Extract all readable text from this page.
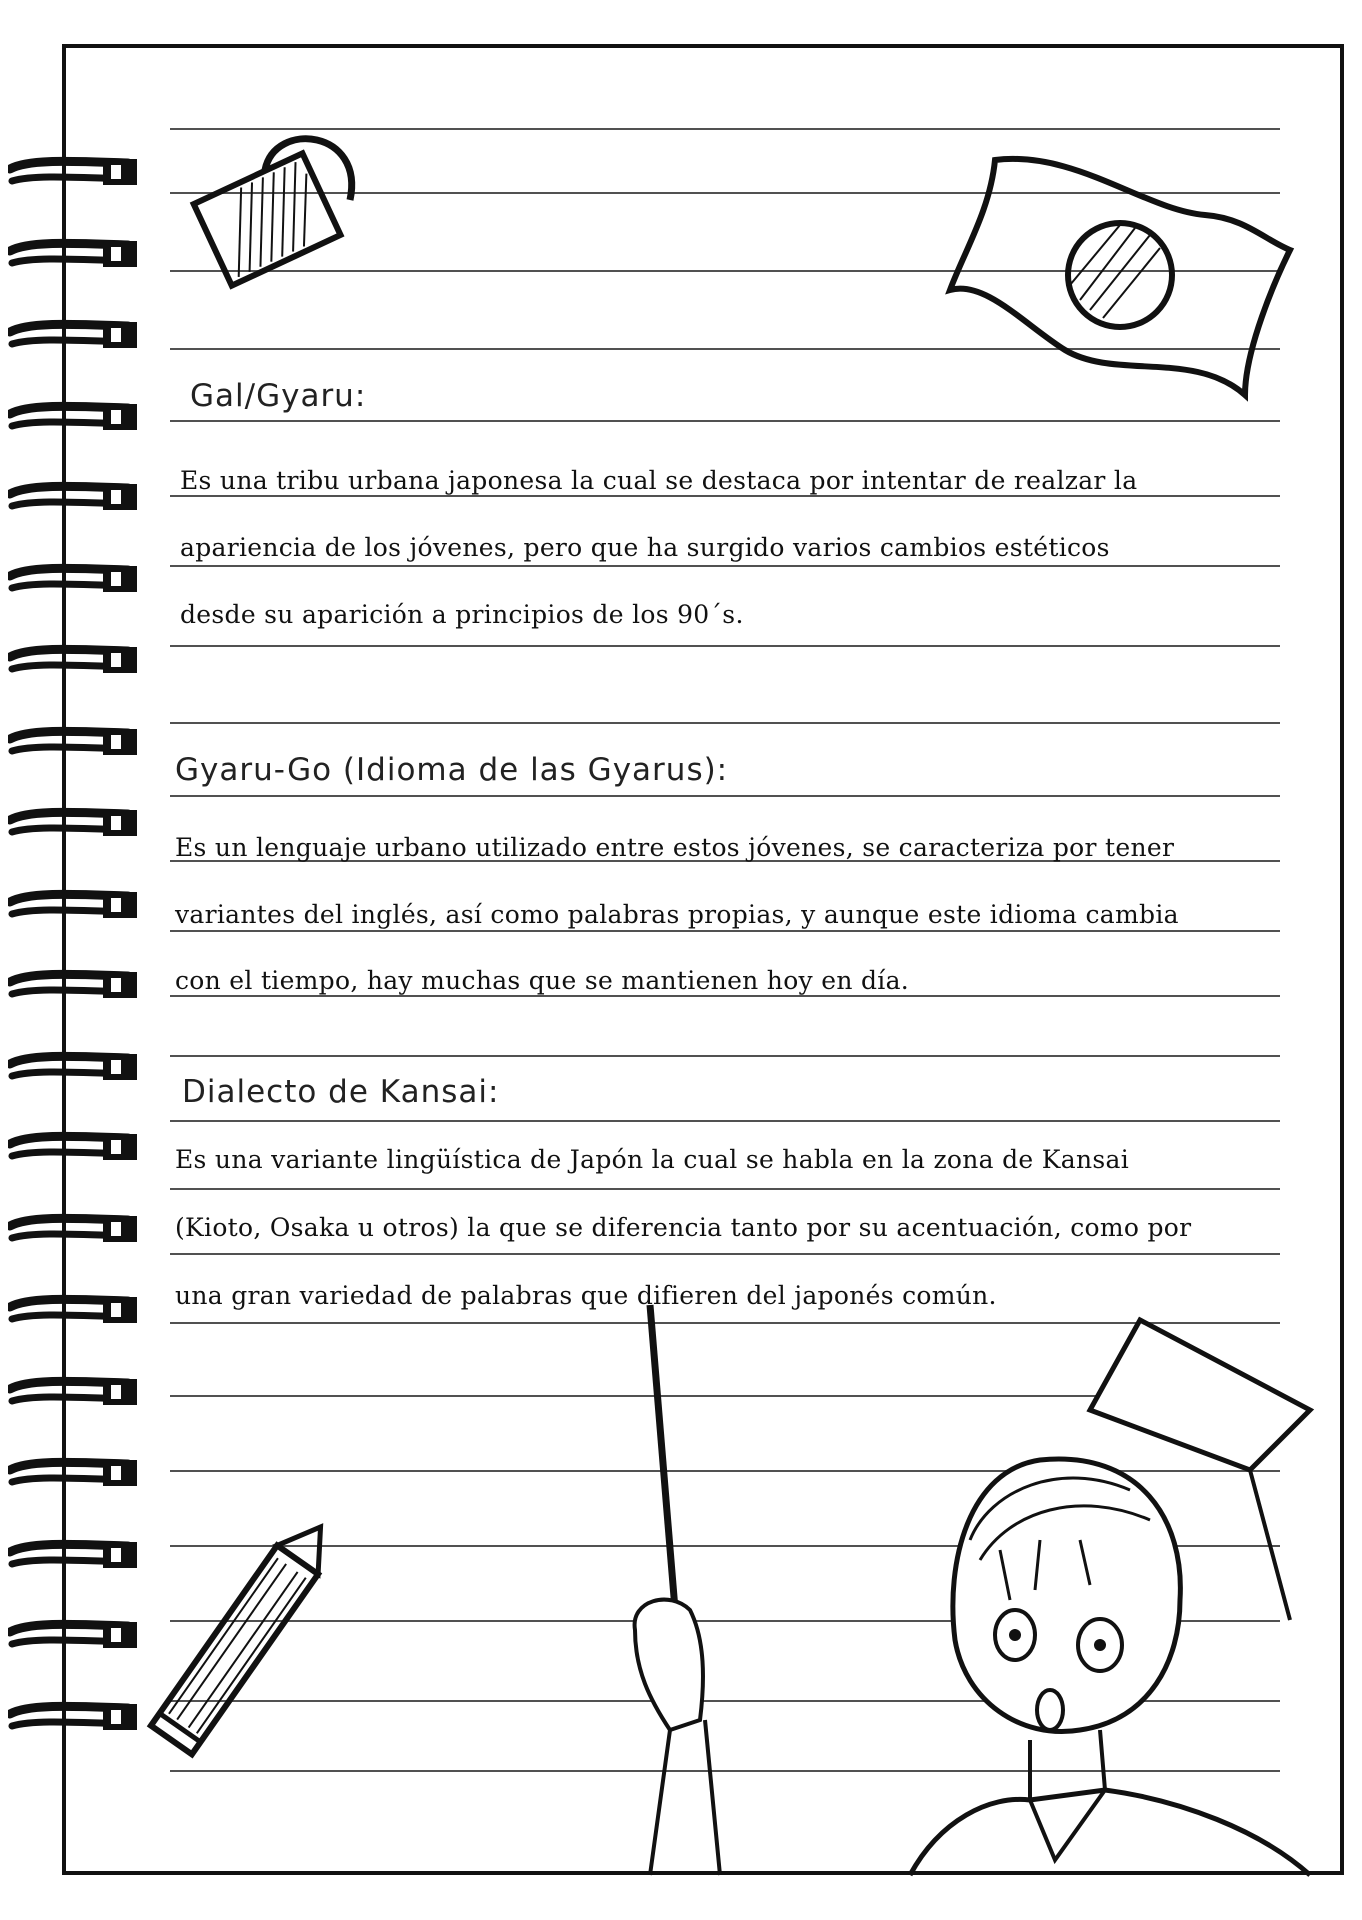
Gal/Gyaru:
Es una tribu urbana japonesa la cual se destaca por intentar de realzar la
apariencia de los jóvenes, pero que ha surgido varios cambios estéticos
desde su aparición a principios de los 90´s.
Gyaru-Go (Idioma de las Gyarus):
Es un lenguaje urbano utilizado entre estos jóvenes, se caracteriza por tener
variantes del inglés, así como palabras propias, y aunque este idioma cambia
con el tiempo, hay muchas que se mantienen hoy en día.
Dialecto de Kansai:
Es una variante lingüística de Japón la cual se habla en la zona de Kansai
(Kioto, Osaka u otros) la que se diferencia tanto por su acentuación, como por
una gran variedad de palabras que difieren del japonés común.
